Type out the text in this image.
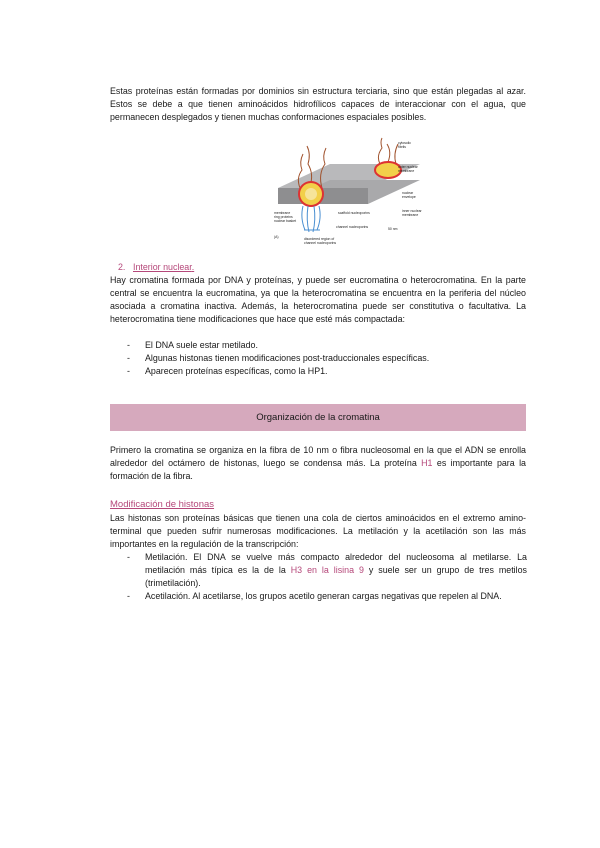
Estas proteínas están formadas por dominios sin estructura terciaria, sino que están plegadas al azar. Estos se debe a que tienen aminoácidos hidrofílicos capaces de interaccionar con el agua, que permanecen desplegados y tienen muchas conformaciones espaciales posibles.

cytosolic
fibrils
outer nuclear
membrane
nuclear
envelope
inner nuclear
membrane
scaffold nucleoporins
membrane
ring proteins
nuclear basket
channel nucleoporins	50 nm
disordered region of
channel nucleoporins
(A)
2. Interior nuclear.

Hay cromatina formada por DNA y proteínas, y puede ser eucromatina o heterocromatina. En la parte central se encuentra la eucromatina, ya que la heterocromatina se encuentra en la periferia del núcleo asociada a cromatina inactiva. Además, la heterocromatina puede ser constitutiva o facultativa. La heterocromatina tiene modificaciones que hace que esté más compactada:

- El DNA suele estar metilado.
- Algunas histonas tienen modificaciones post-traduccionales específicas.
- Aparecen proteínas específicas, como la HP1.
Organización de la cromatina

Primero la cromatina se organiza en la fibra de 10 nm o fibra nucleosomal en la que el ADN se enrolla alrededor del octámero de histonas, luego se condensa más. La proteína H1 es importante para la formación de la fibra.

Modificación de histonas

Las histonas son proteínas básicas que tienen una cola de ciertos aminoácidos en el extremo amino-terminal que pueden sufrir numerosas modificaciones. La metilación y la acetilación son las más importantes en la regulación de la transcripción:

- Metilación. El DNA se vuelve más compacto alrededor del nucleosoma al metilarse. La metilación más típica es la de la H3 en la lisina 9 y suele ser un grupo de tres metilos (trimetilación).
- Acetilación. Al acetilarse, los grupos acetilo generan cargas negativas que repelen al DNA.
